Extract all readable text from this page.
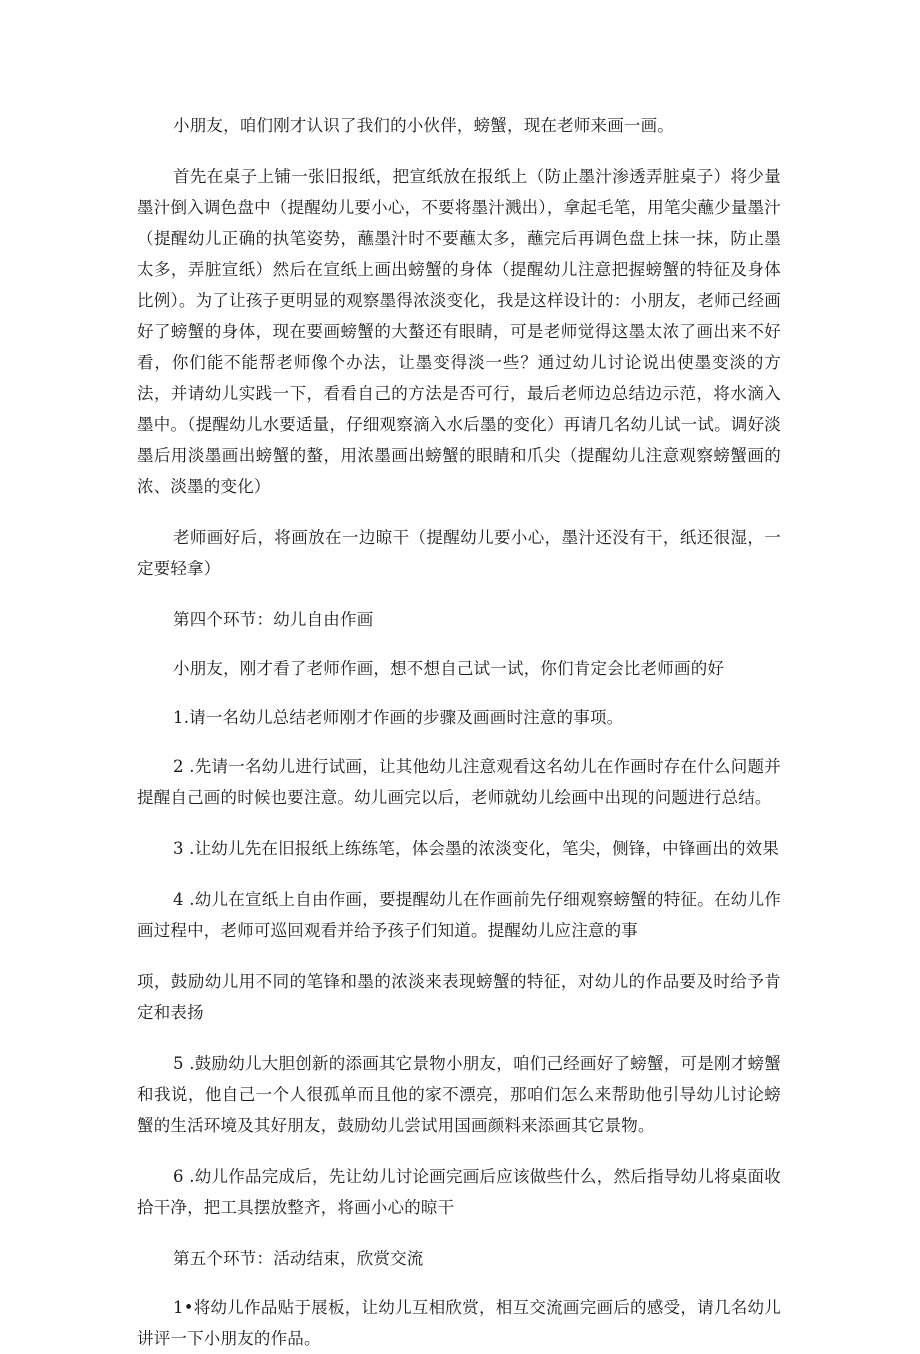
小朋友，咱们刚才认识了我们的小伙伴，螃蟹，现在老师来画一画。

首先在桌子上铺一张旧报纸，把宣纸放在报纸上（防止墨汁渗透弄脏桌子）将少量墨汁倒入调色盘中（提醒幼儿要小心，不要将墨汁溅出），拿起毛笔，用笔尖蘸少量墨汁（提醒幼儿正确的执笔姿势，蘸墨汁时不要蘸太多，蘸完后再调色盘上抹一抹，防止墨太多，弄脏宣纸）然后在宣纸上画出螃蟹的身体（提醒幼儿注意把握螃蟹的特征及身体比例）。为了让孩子更明显的观察墨得浓淡变化，我是这样设计的：小朋友，老师己经画好了螃蟹的身体，现在要画螃蟹的大螯还有眼睛，可是老师觉得这墨太浓了画出来不好看，你们能不能帮老师像个办法，让墨变得淡一些？通过幼儿讨论说出使墨变淡的方法，并请幼儿实践一下，看看自己的方法是否可行，最后老师边总结边示范，将水滴入墨中。（提醒幼儿水要适量，仔细观察滴入水后墨的变化）再请几名幼儿试一试。调好淡墨后用淡墨画出螃蟹的螯，用浓墨画出螃蟹的眼睛和爪尖（提醒幼儿注意观察螃蟹画的浓、淡墨的变化）

老师画好后，将画放在一边晾干（提醒幼儿要小心，墨汁还没有干，纸还很湿，一定要轻拿）

第四个环节：幼儿自由作画

小朋友，刚才看了老师作画，想不想自己试一试，你们肯定会比老师画的好

1.请一名幼儿总结老师刚才作画的步骤及画画时注意的事项。

2 .先请一名幼儿进行试画，让其他幼儿注意观看这名幼儿在作画时存在什么问题并提醒自己画的时候也要注意。幼儿画完以后，老师就幼儿绘画中出现的问题进行总结。

3 .让幼儿先在旧报纸上练练笔，体会墨的浓淡变化，笔尖，侧锋，中锋画出的效果

4 .幼儿在宣纸上自由作画，要提醒幼儿在作画前先仔细观察螃蟹的特征。在幼儿作画过程中，老师可巡回观看并给予孩子们知道。提醒幼儿应注意的事

项，鼓励幼儿用不同的笔锋和墨的浓淡来表现螃蟹的特征，对幼儿的作品要及时给予肯定和表扬

5 .鼓励幼儿大胆创新的添画其它景物小朋友，咱们己经画好了螃蟹，可是刚才螃蟹和我说，他自己一个人很孤单而且他的家不漂亮，那咱们怎么来帮助他引导幼儿讨论螃蟹的生活环境及其好朋友，鼓励幼儿尝试用国画颜料来添画其它景物。

6 .幼儿作品完成后，先让幼儿讨论画完画后应该做些什么，然后指导幼儿将桌面收拾干净，把工具摆放整齐，将画小心的晾干

第五个环节：活动结束，欣赏交流

1•将幼儿作品贴于展板，让幼儿互相欣赏，相互交流画完画后的感受，请几名幼儿讲评一下小朋友的作品。
